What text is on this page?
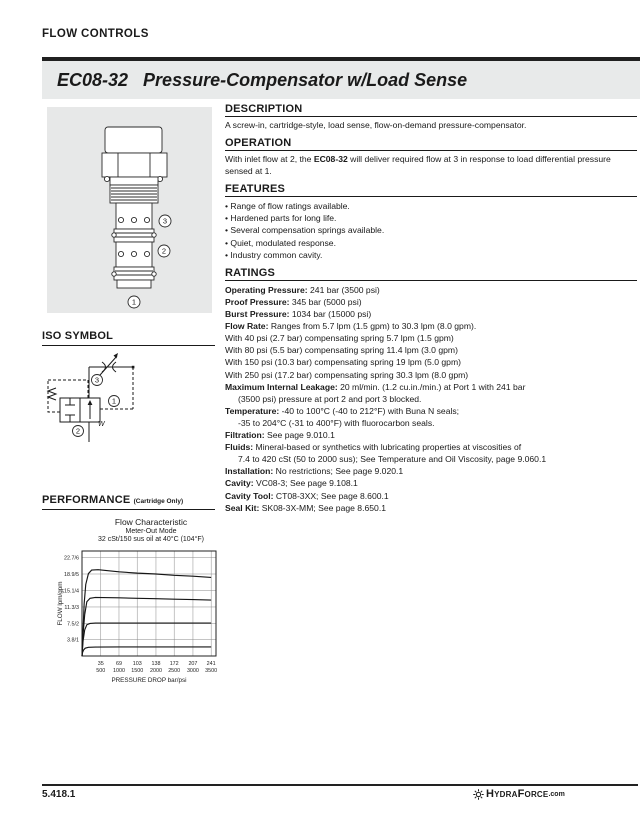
FLOW CONTROLS
EC08-32 Pressure-Compensator w/Load Sense
3
2
1
ISO SYMBOL
W
3
1
2
PERFORMANCE (Cartridge Only)
Flow Characteristic
Meter-Out Mode
32 cSt/150 sus oil at 40°C (104°F)
35
500
69
1000
103
1500
138
2000
172
2500
207
3000
241
3500
22.7/6
18.9/5
15.1/4
11.3/3
7.5/2
3.8/1
PRESSURE DROP bar/psi
FLOW lpm/gpm
DESCRIPTION

A screw-in, cartridge-style, load sense, flow-on-demand pressure-compensator.

OPERATION

With inlet flow at 2, the EC08-32 will deliver required flow at 3 in response to load differential pressure sensed at 1.

FEATURES
• Range of flow ratings available.
• Hardened parts for long life.
• Several compensation springs available.
• Quiet, modulated response.
• Industry common cavity.
RATINGS
Operating Pressure: 241 bar (3500 psi)
Proof Pressure: 345 bar (5000 psi)
Burst Pressure: 1034 bar (15000 psi)
Flow Rate: Ranges from 5.7 lpm (1.5 gpm) to 30.3 lpm (8.0 gpm).
With 40 psi (2.7 bar) compensating spring 5.7 lpm (1.5 gpm)
With 80 psi (5.5 bar) compensating spring 11.4 lpm (3.0 gpm)
With 150 psi (10.3 bar) compensating spring 19 lpm (5.0 gpm)
With 250 psi (17.2 bar) compensating spring 30.3 lpm (8.0 gpm)
Maximum Internal Leakage: 20 ml/min. (1.2 cu.in./min.) at Port 1 with 241 bar
(3500 psi) pressure at port 2 and port 3 blocked.
Temperature: -40 to 100°C (-40 to 212°F) with Buna N seals;
-35 to 204°C (-31 to 400°F) with fluorocarbon seals.
Filtration: See page 9.010.1
Fluids: Mineral-based or synthetics with lubricating properties at viscosities of
7.4 to 420 cSt (50 to 2000 sus); See Temperature and Oil Viscosity, page 9.060.1
Installation: No restrictions; See page 9.020.1
Cavity: VC08-3; See page 9.108.1
Cavity Tool: CT08-3XX; See page 8.600.1
Seal Kit: SK08-3X-MM; See page 8.650.1
5.418.1	HydraForce .com
